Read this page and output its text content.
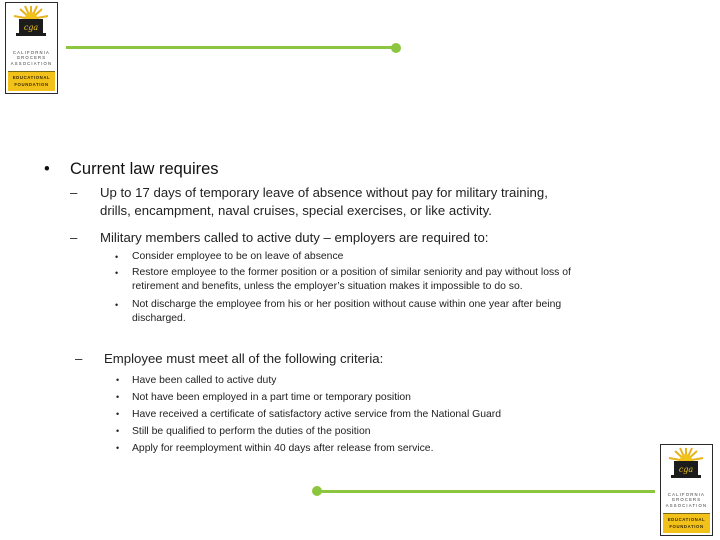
cga
CALIFORNIA
GROCERS
ASSOCIATION
EDUCATIONAL
FOUNDATION
cga
CALIFORNIA
GROCERS
ASSOCIATION
EDUCATIONAL
FOUNDATION
• Current law requires
– Up to 17 days of temporary leave of absence without pay for military training,
drills, encampment, naval cruises, special exercises, or like activity.
– Military members called to active duty – employers are required to:
• Consider employee to be on leave of absence
• Restore employee to the former position or a position of similar seniority and pay without loss of
retirement and benefits, unless the employer’s situation makes it impossible to do so.
• Not discharge the employee from his or her position without cause within one year after being
discharged.
– Employee must meet all of the following criteria:
• Have been called to active duty
• Not have been employed in a part time or temporary position
• Have received a certificate of satisfactory active service from the National Guard
• Still be qualified to perform the duties of the position
• Apply for reemployment within 40 days after release from service.
